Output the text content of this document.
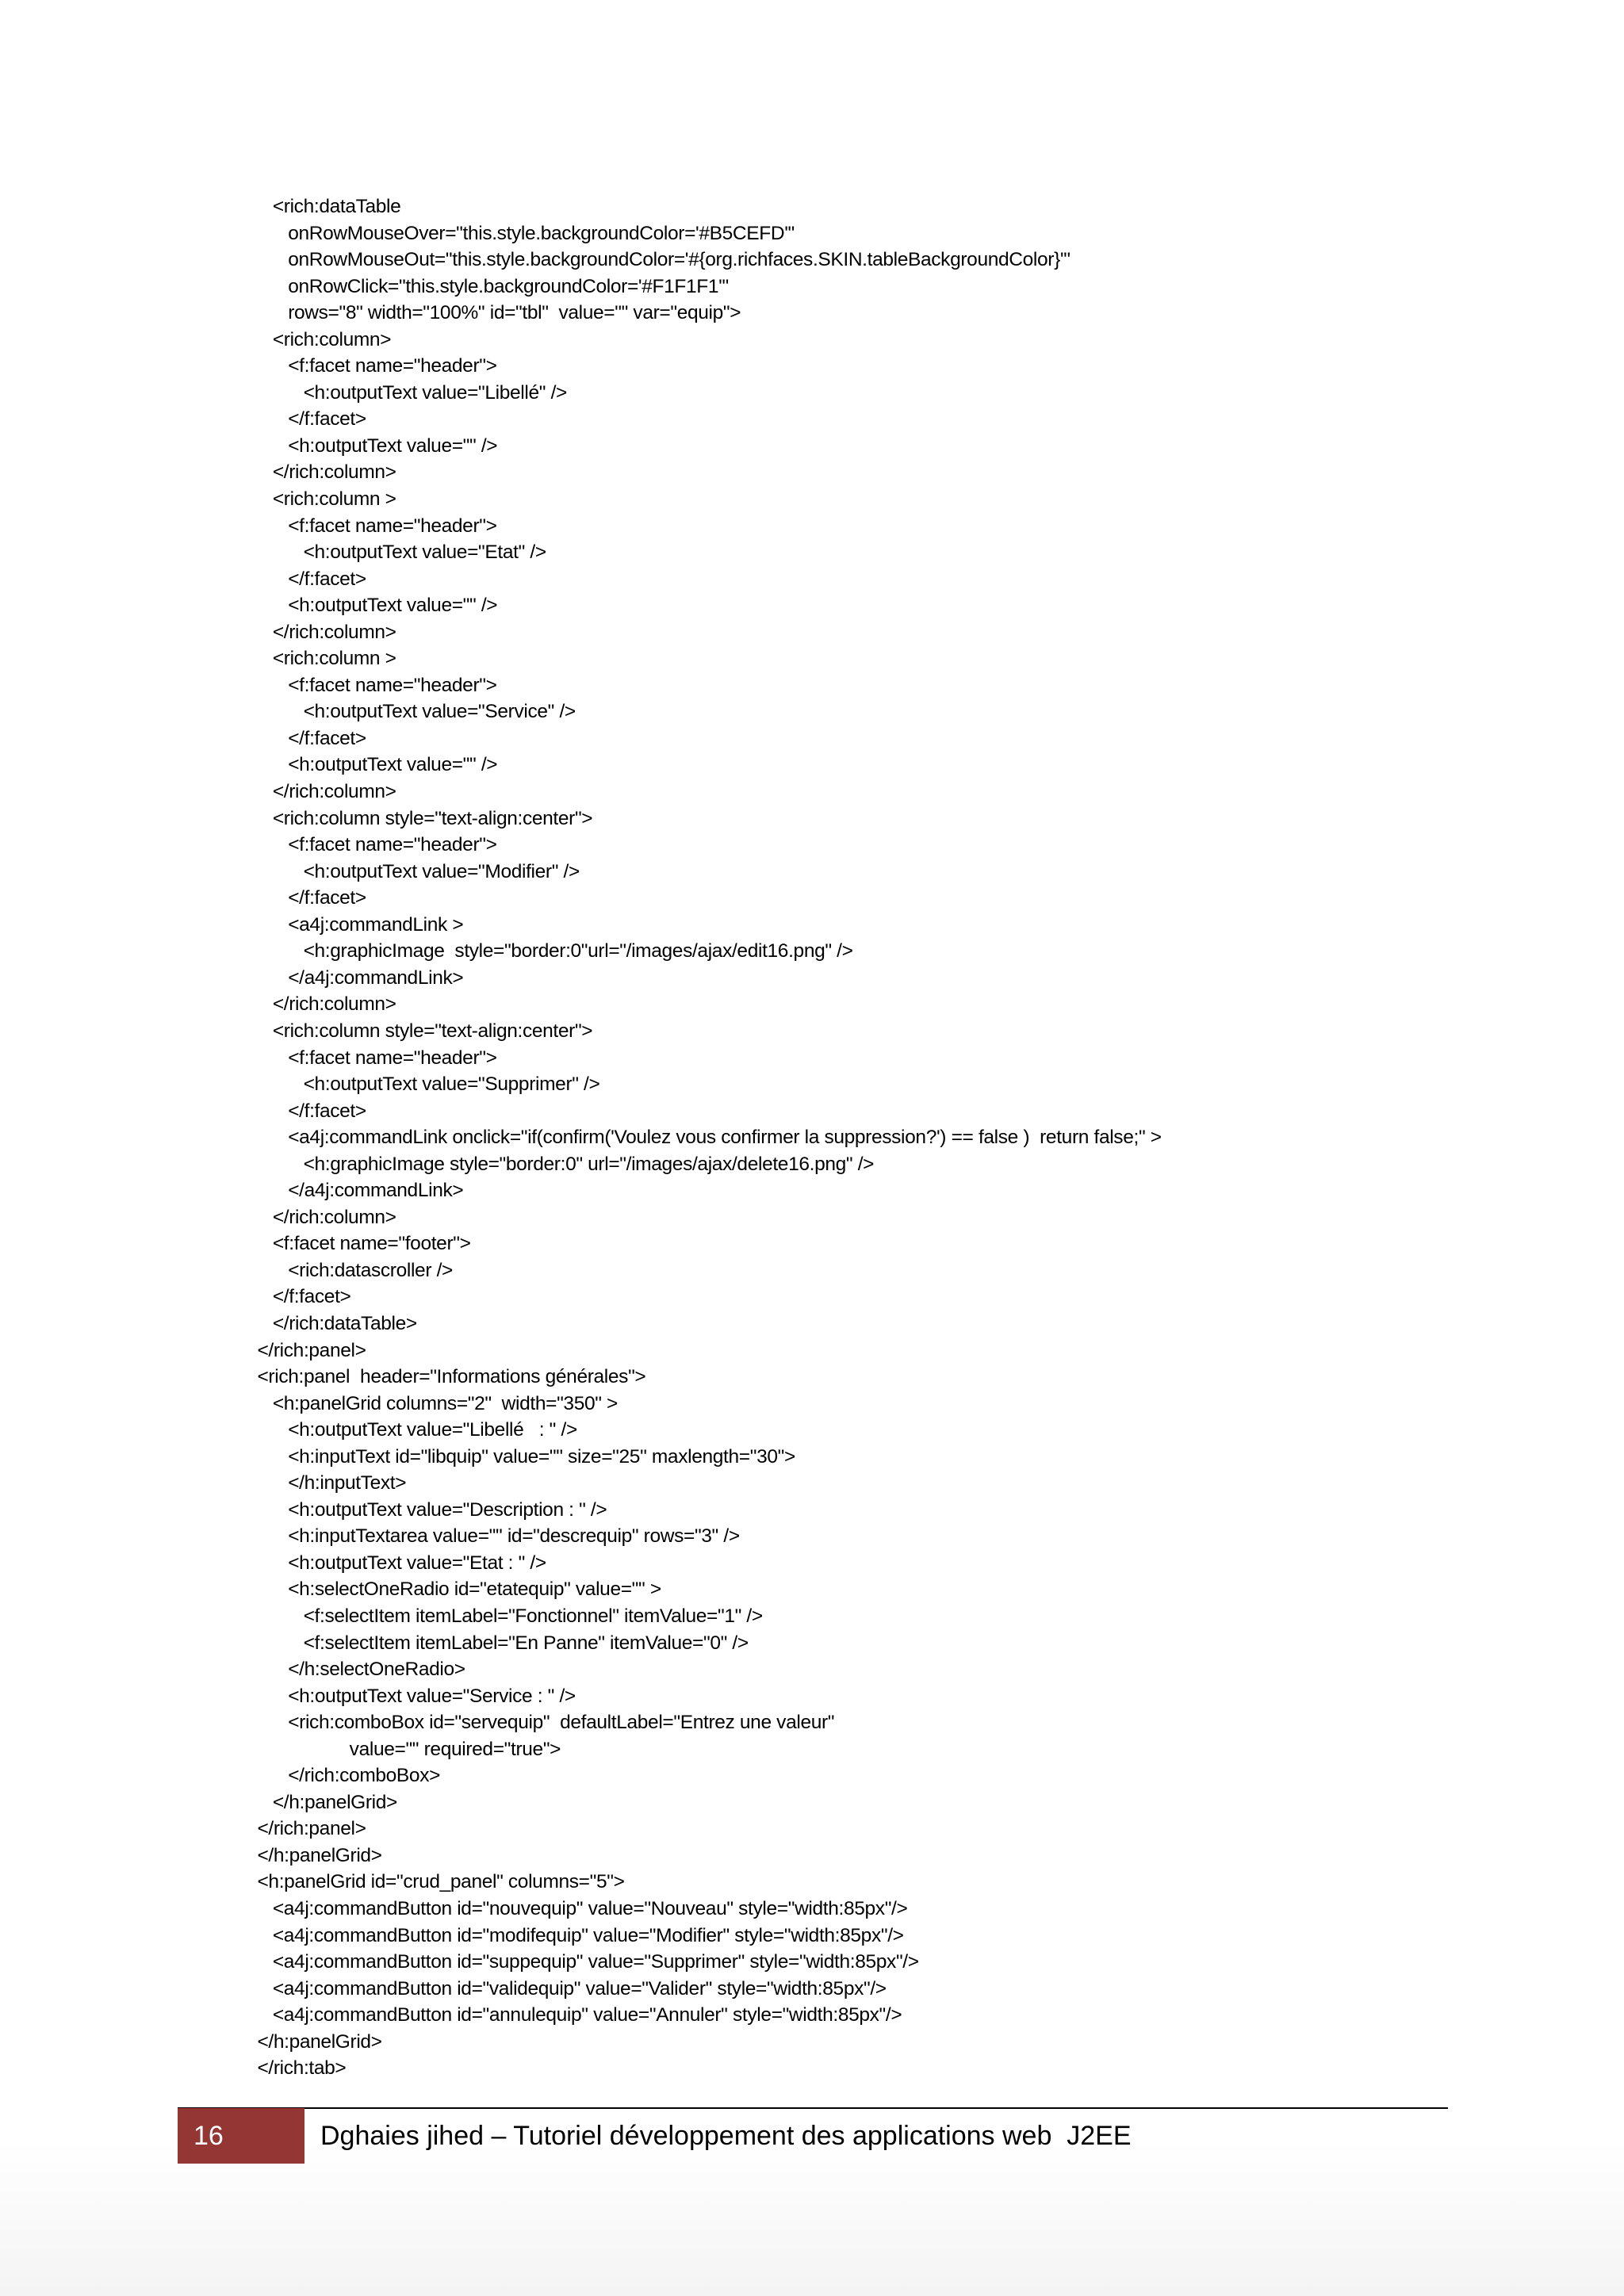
<rich:dataTable
onRowMouseOver="this.style.backgroundColor='#B5CEFD'"
onRowMouseOut="this.style.backgroundColor='#{org.richfaces.SKIN.tableBackgroundColor}'"
onRowClick="this.style.backgroundColor='#F1F1F1'"
rows="8" width="100%" id="tbl"  value="" var="equip">
<rich:column>
<f:facet name="header">
<h:outputText value="Libellé" />
</f:facet>
<h:outputText value="" />
</rich:column>
<rich:column >
<f:facet name="header">
<h:outputText value="Etat" />
</f:facet>
<h:outputText value="" />
</rich:column>
<rich:column >
<f:facet name="header">
<h:outputText value="Service" />
</f:facet>
<h:outputText value="" />
</rich:column>
<rich:column style="text-align:center">
<f:facet name="header">
<h:outputText value="Modifier" />
</f:facet>
<a4j:commandLink >
<h:graphicImage  style="border:0"url="/images/ajax/edit16.png" />
</a4j:commandLink>
</rich:column>
<rich:column style="text-align:center">
<f:facet name="header">
<h:outputText value="Supprimer" />
</f:facet>
<a4j:commandLink onclick="if(confirm('Voulez vous confirmer la suppression?') == false )  return false;" >
<h:graphicImage style="border:0" url="/images/ajax/delete16.png" />
</a4j:commandLink>
</rich:column>
<f:facet name="footer">
<rich:datascroller />
</f:facet>
</rich:dataTable>
</rich:panel>
<rich:panel  header="Informations générales">
<h:panelGrid columns="2"  width="350" >
<h:outputText value="Libellé   : " />
<h:inputText id="libquip" value="" size="25" maxlength="30">
</h:inputText>
<h:outputText value="Description : " />
<h:inputTextarea value="" id="descrequip" rows="3" />
<h:outputText value="Etat : " />
<h:selectOneRadio id="etatequip" value="" >
<f:selectItem itemLabel="Fonctionnel" itemValue="1" />
<f:selectItem itemLabel="En Panne" itemValue="0" />
</h:selectOneRadio>
<h:outputText value="Service : " />
<rich:comboBox id="servequip"  defaultLabel="Entrez une valeur"
value="" required="true">
</rich:comboBox>
</h:panelGrid>
</rich:panel>
</h:panelGrid>
<h:panelGrid id="crud_panel" columns="5">
<a4j:commandButton id="nouvequip" value="Nouveau" style="width:85px"/>
<a4j:commandButton id="modifequip" value="Modifier" style="width:85px"/>
<a4j:commandButton id="suppequip" value="Supprimer" style="width:85px"/>
<a4j:commandButton id="validequip" value="Valider" style="width:85px"/>
<a4j:commandButton id="annulequip" value="Annuler" style="width:85px"/>
</h:panelGrid>
</rich:tab>
16	Dghaies jihed – Tutoriel développement des applications web  J2EE
